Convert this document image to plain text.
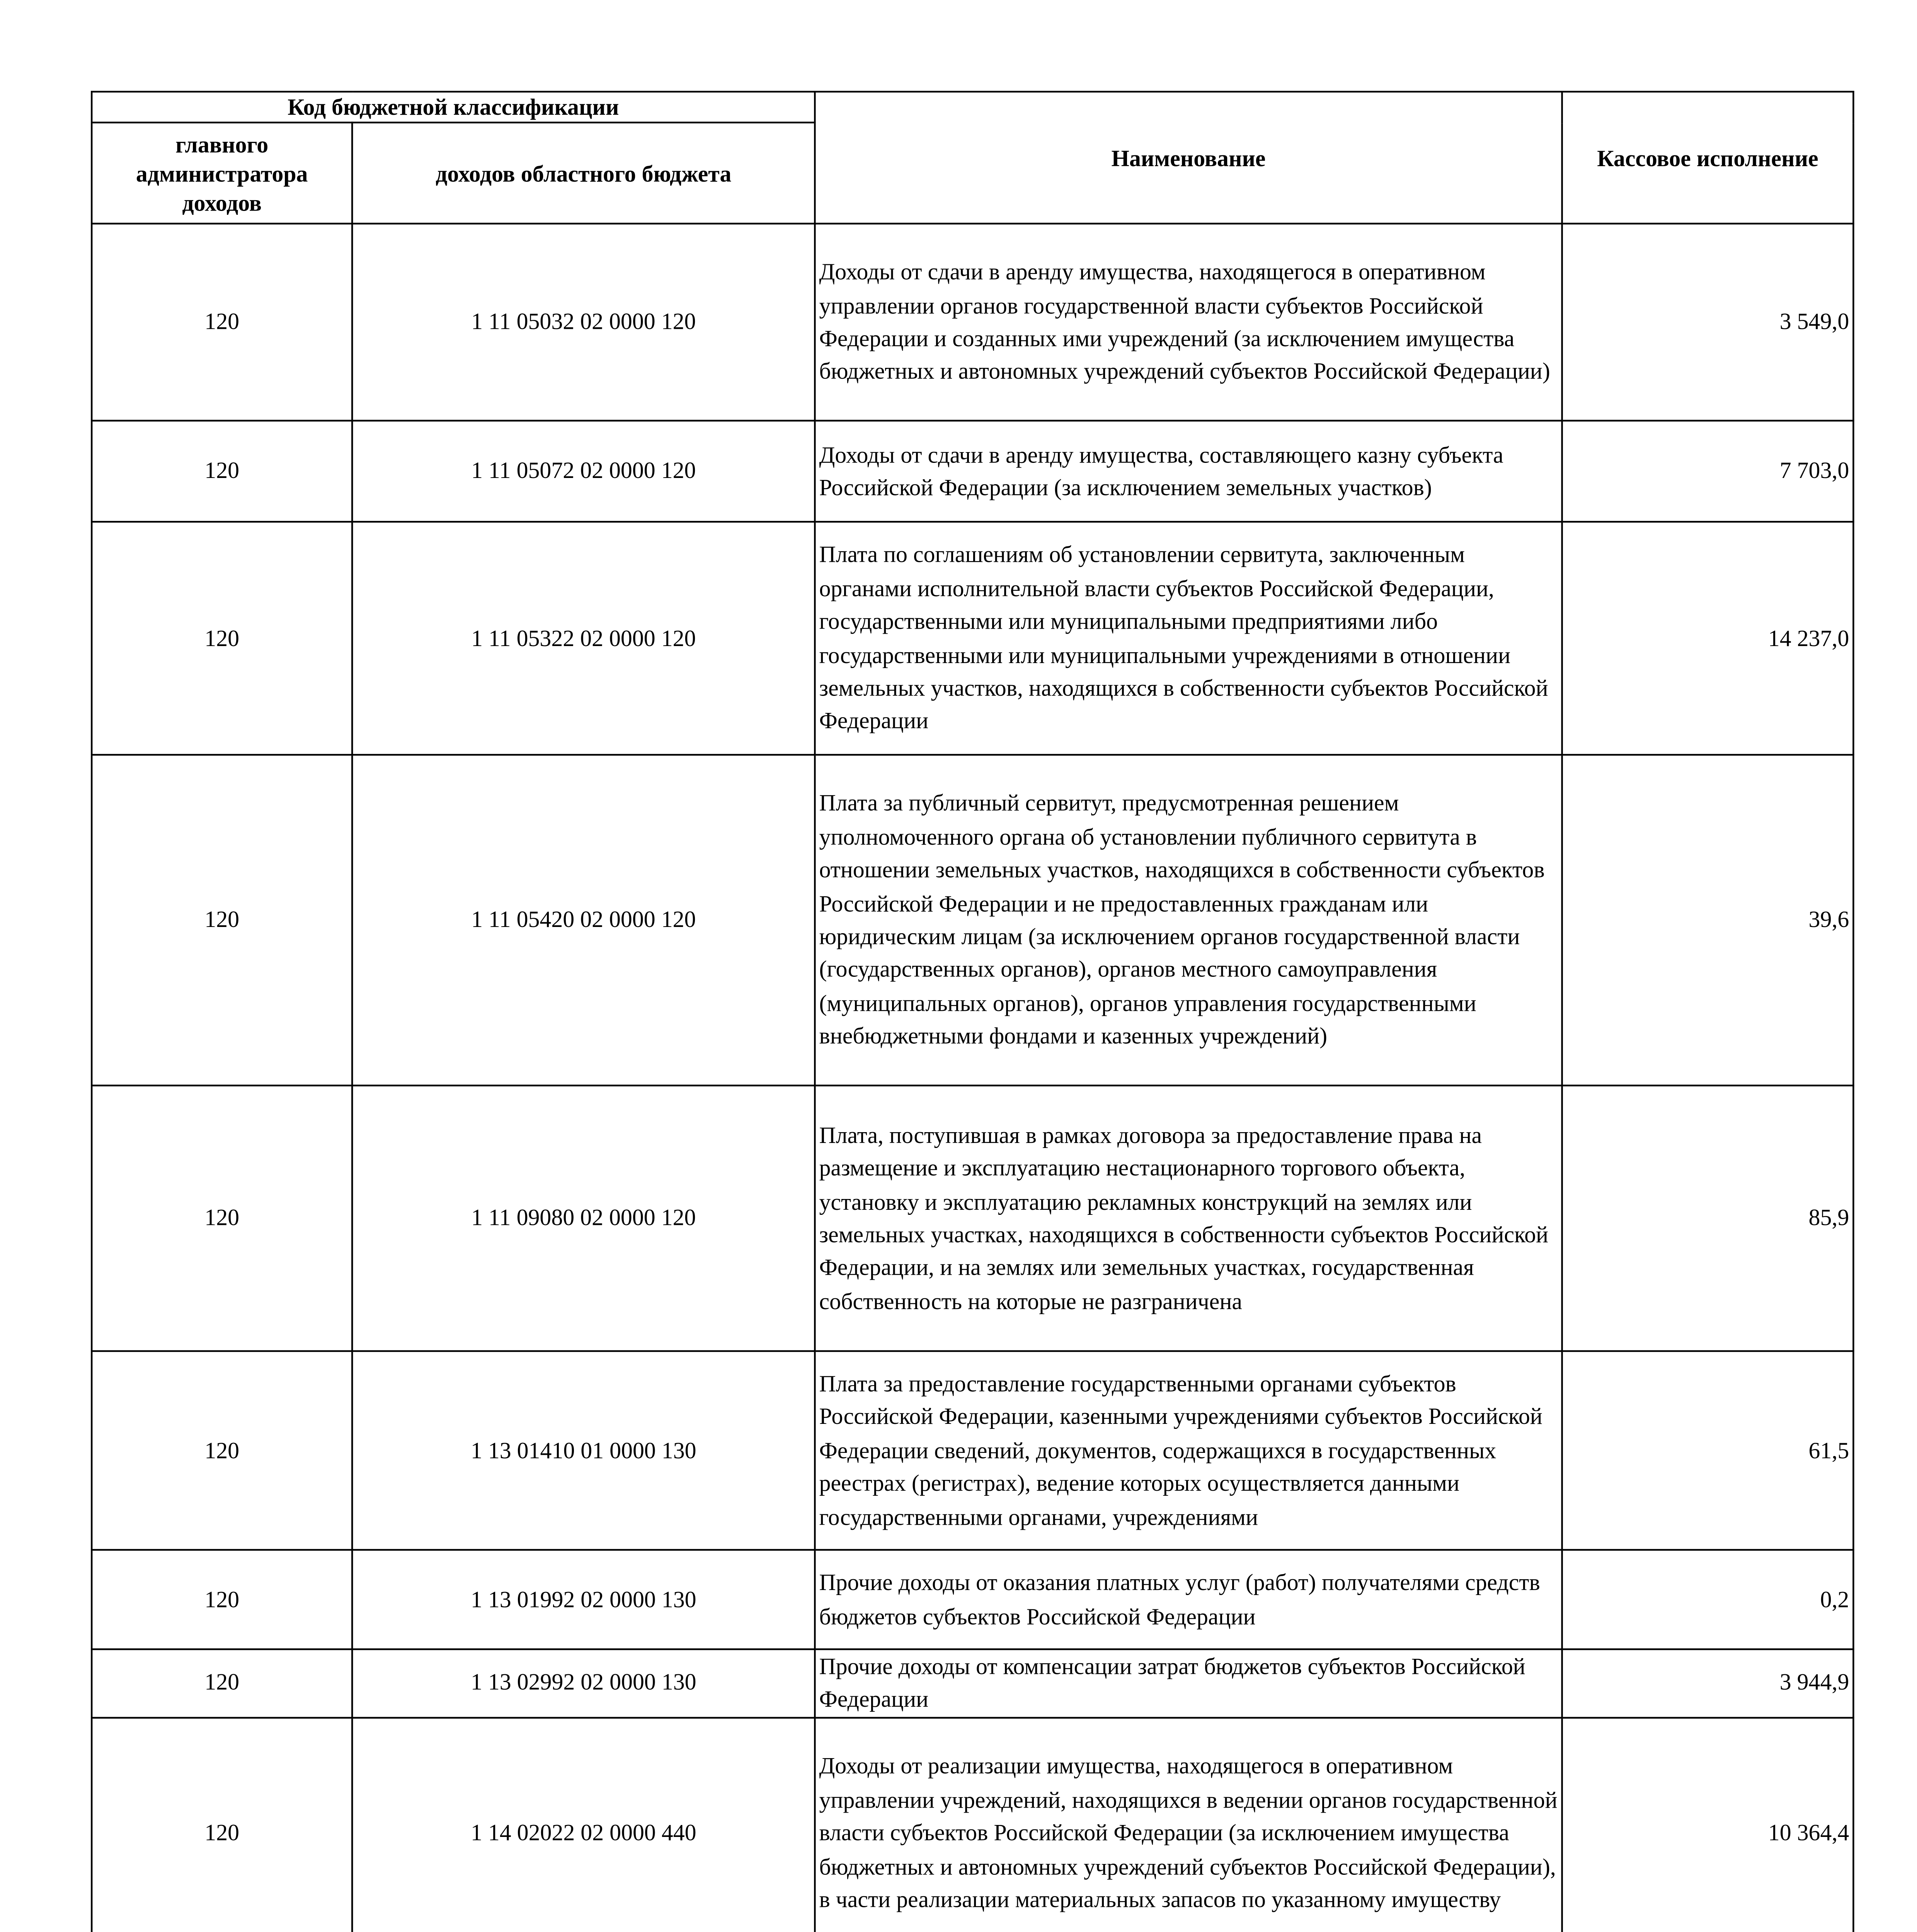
Код бюджетной классификации		Наименование	Кассовое исполнение
главного администратора доходов	доходов областного бюджета		
120	1 11 05032 02 0000 120	Доходы от сдачи в аренду имущества, находящегося в оперативном управлении органов государственной власти субъектов Российской Федерации и созданных ими учреждений (за исключением имущества бюджетных и автономных учреждений субъектов Российской Федерации)	3 549,0
120	1 11 05072 02 0000 120	Доходы от сдачи в аренду имущества, составляющего казну субъекта Российской Федерации (за исключением земельных участков)	7 703,0
120	1 11 05322 02 0000 120	Плата по соглашениям об установлении сервитута, заключенным органами исполнительной власти субъектов Российской Федерации, государственными или муниципальными предприятиями либо государственными или муниципальными учреждениями в отношении земельных участков, находящихся в собственности субъектов Российской Федерации	14 237,0
120	1 11 05420 02 0000 120	Плата за публичный сервитут, предусмотренная решением уполномоченного органа об установлении публичного сервитута в отношении земельных участков, находящихся в собственности субъектов Российской Федерации и не предоставленных гражданам или юридическим лицам (за исключением органов государственной власти (государственных органов), органов местного самоуправления (муниципальных органов), органов управления государственными внебюджетными фондами и казенных учреждений)	39,6
120	1 11 09080 02 0000 120	Плата, поступившая в рамках договора за предоставление права на размещение и эксплуатацию нестационарного торгового объекта, установку и эксплуатацию рекламных конструкций на землях или земельных участках, находящихся в собственности субъектов Российской Федерации, и на землях или земельных участках, государственная собственность на которые не разграничена	85,9
120	1 13 01410 01 0000 130	Плата за предоставление государственными органами субъектов Российской Федерации, казенными учреждениями субъектов Российской Федерации сведений, документов, содержащихся в государственных реестрах (регистрах), ведение которых осуществляется данными государственными органами, учреждениями	61,5
120	1 13 01992 02 0000 130	Прочие доходы от оказания платных услуг (работ) получателями средств бюджетов субъектов Российской Федерации	0,2
120	1 13 02992 02 0000 130	Прочие доходы от компенсации затрат бюджетов субъектов Российской Федерации	3 944,9
120	1 14 02022 02 0000 440	Доходы от реализации имущества, находящегося в оперативном управлении учреждений, находящихся в ведении органов государственной власти субъектов Российской Федерации (за исключением имущества бюджетных и автономных учреждений субъектов Российской Федерации), в части реализации материальных запасов по указанному имуществу	10 364,4
